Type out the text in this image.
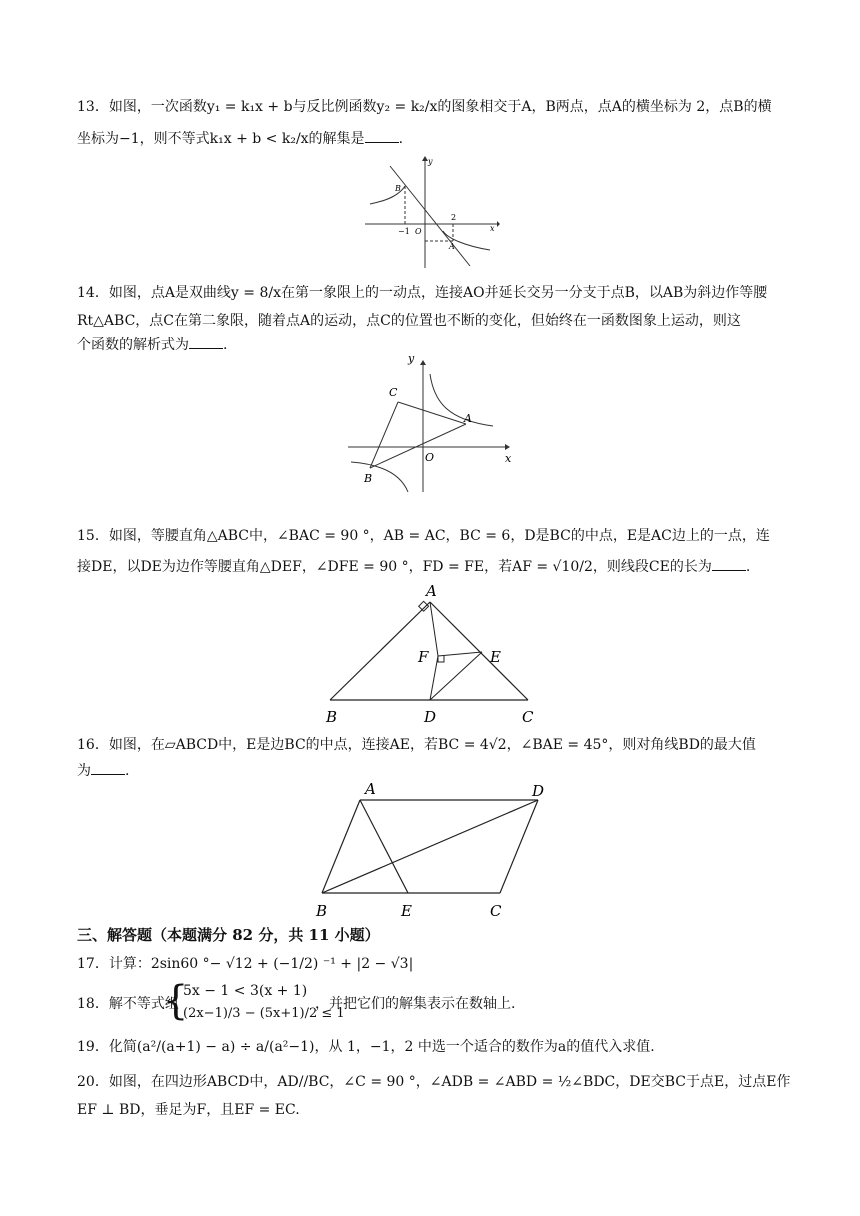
13．如图，一次函数y₁ = k₁x + b与反比例函数y₂ = k₂/x的图象相交于A，B两点，点A的横坐标为 2，点B的横
坐标为−1，则不等式k₁x + b < k₂/x的解集是 .
y
x
B
A
−1 O
2
14．如图，点A是双曲线y = 8/x在第一象限上的一动点，连接AO并延长交另一分支于点B，以AB为斜边作等腰
Rt△ABC，点C在第二象限，随着点A的运动，点C的位置也不断的变化，但始终在一函数图象上运动，则这
个函数的解析式为 .
y
x
C
A
O
B
15．如图，等腰直角△ABC中，∠BAC = 90 °，AB = AC，BC = 6，D是BC的中点，E是AC边上的一点，连
接DE，以DE为边作等腰直角△DEF，∠DFE = 90 °，FD = FE，若AF = √10/2，则线段CE的长为 .
A
F	E
B	D	C
16．如图，在▱ABCD中，E是边BC的中点，连接AE，若BC = 4√2，∠BAE = 45°，则对角线BD的最大值
为 .
A	D
B	E	C
三、解答题（本题满分 82 分，共 11 小题）
17．计算：2sin60 °− √12 + (−1/2) ⁻¹ + |2 − √3|
18．解不等式组
{
5x − 1 < 3(x + 1)
(2x−1)/3 − (5x+1)/2 ≤ 1
，并把它们的解集表示在数轴上.
19．化简(a²/(a+1) − a) ÷ a/(a²−1)，从 1，−1，2 中选一个适合的数作为a的值代入求值.
20．如图，在四边形ABCD中，AD//BC，∠C = 90 °，∠ADB = ∠ABD = ½∠BDC，DE交BC于点E，过点E作
EF ⊥ BD，垂足为F，且EF = EC.
